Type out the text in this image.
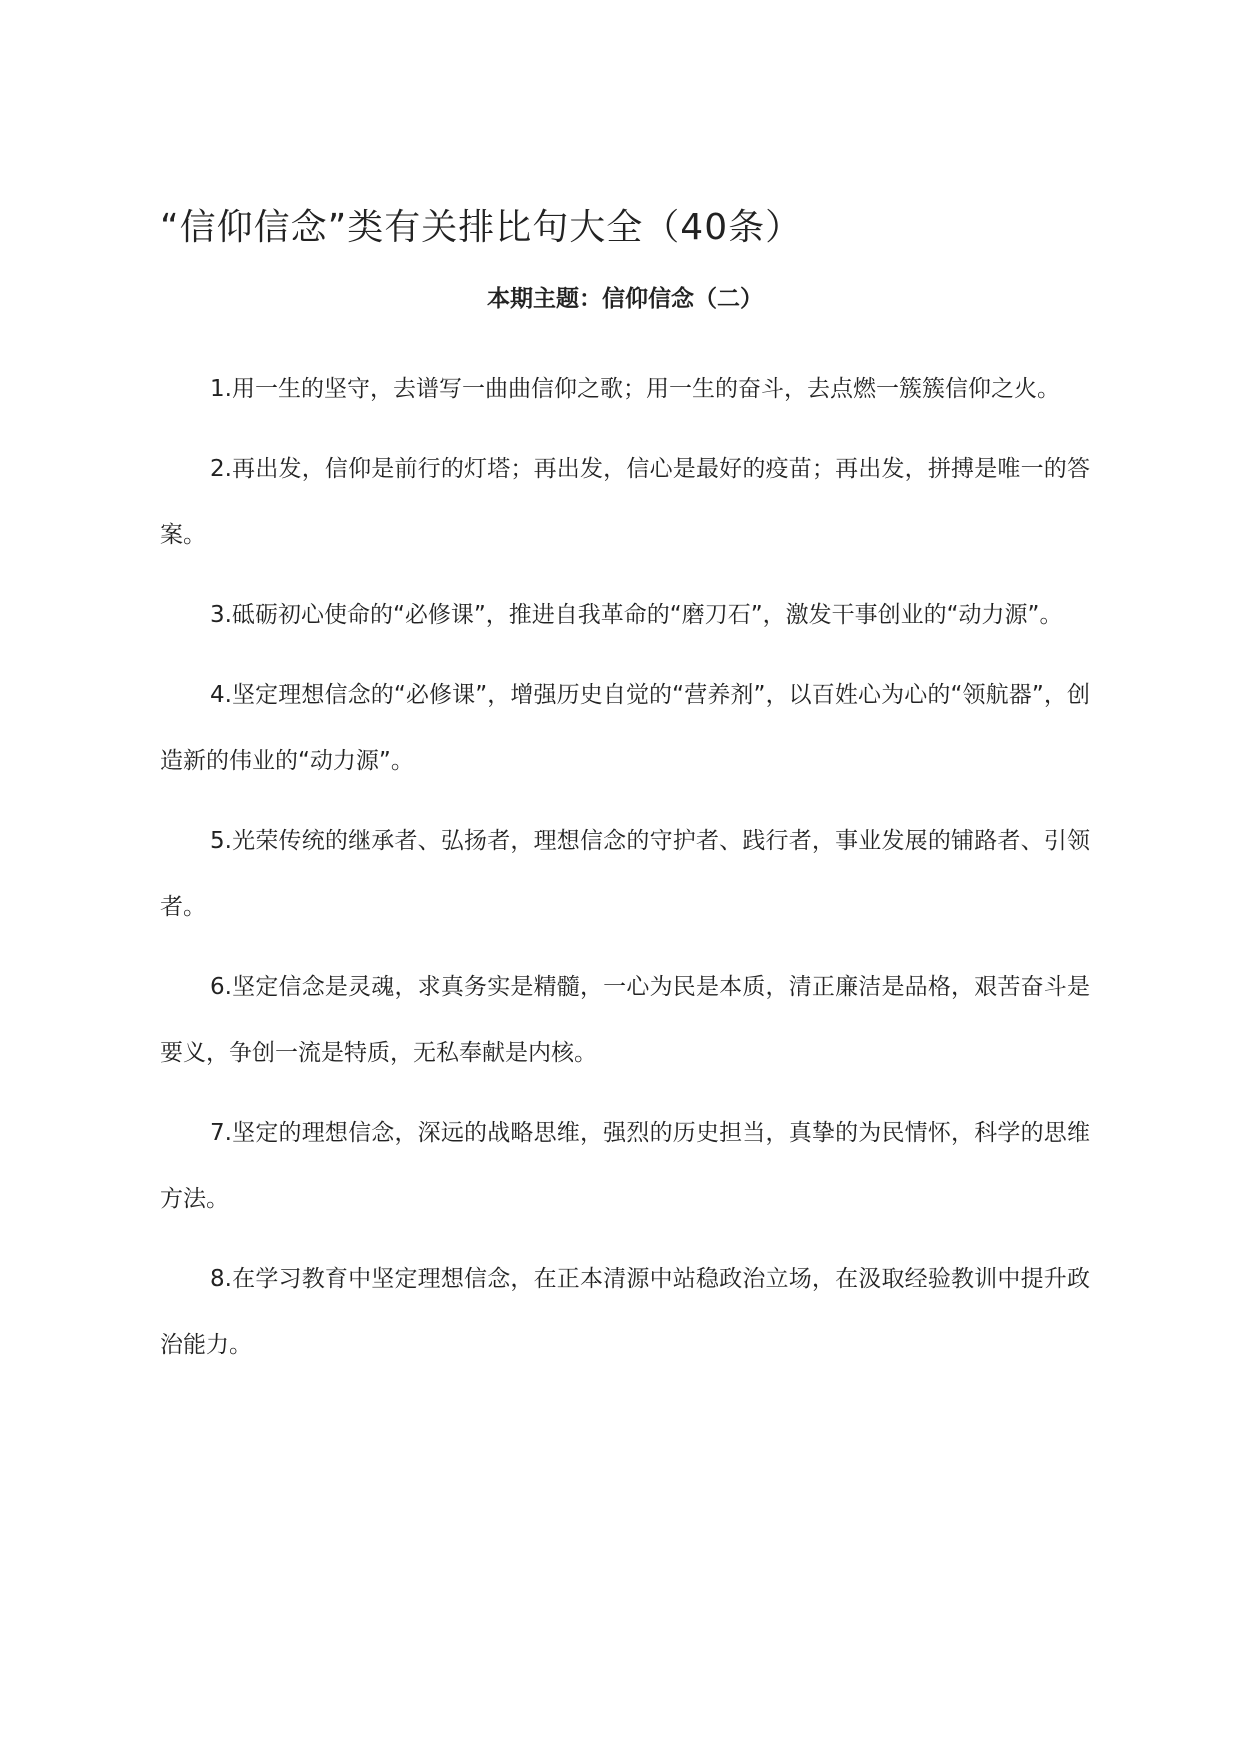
“信仰信念”类有关排比句大全（40条）
本期主题：信仰信念（二）

1.用一生的坚守，去谱写一曲曲信仰之歌；用一生的奋斗，去点燃一簇簇信仰之火。

2.再出发，信仰是前行的灯塔；再出发，信心是最好的疫苗；再出发，拼搏是唯一的答案。

3.砥砺初心使命的“必修课”，推进自我革命的“磨刀石”，激发干事创业的“动力源”。

4.坚定理想信念的“必修课”，增强历史自觉的“营养剂”，以百姓心为心的“领航器”，创造新的伟业的“动力源”。

5.光荣传统的继承者、弘扬者，理想信念的守护者、践行者，事业发展的铺路者、引领者。

6.坚定信念是灵魂，求真务实是精髓，一心为民是本质，清正廉洁是品格，艰苦奋斗是要义，争创一流是特质，无私奉献是内核。

7.坚定的理想信念，深远的战略思维，强烈的历史担当，真挚的为民情怀，科学的思维方法。

8.在学习教育中坚定理想信念，在正本清源中站稳政治立场，在汲取经验教训中提升政治能力。
